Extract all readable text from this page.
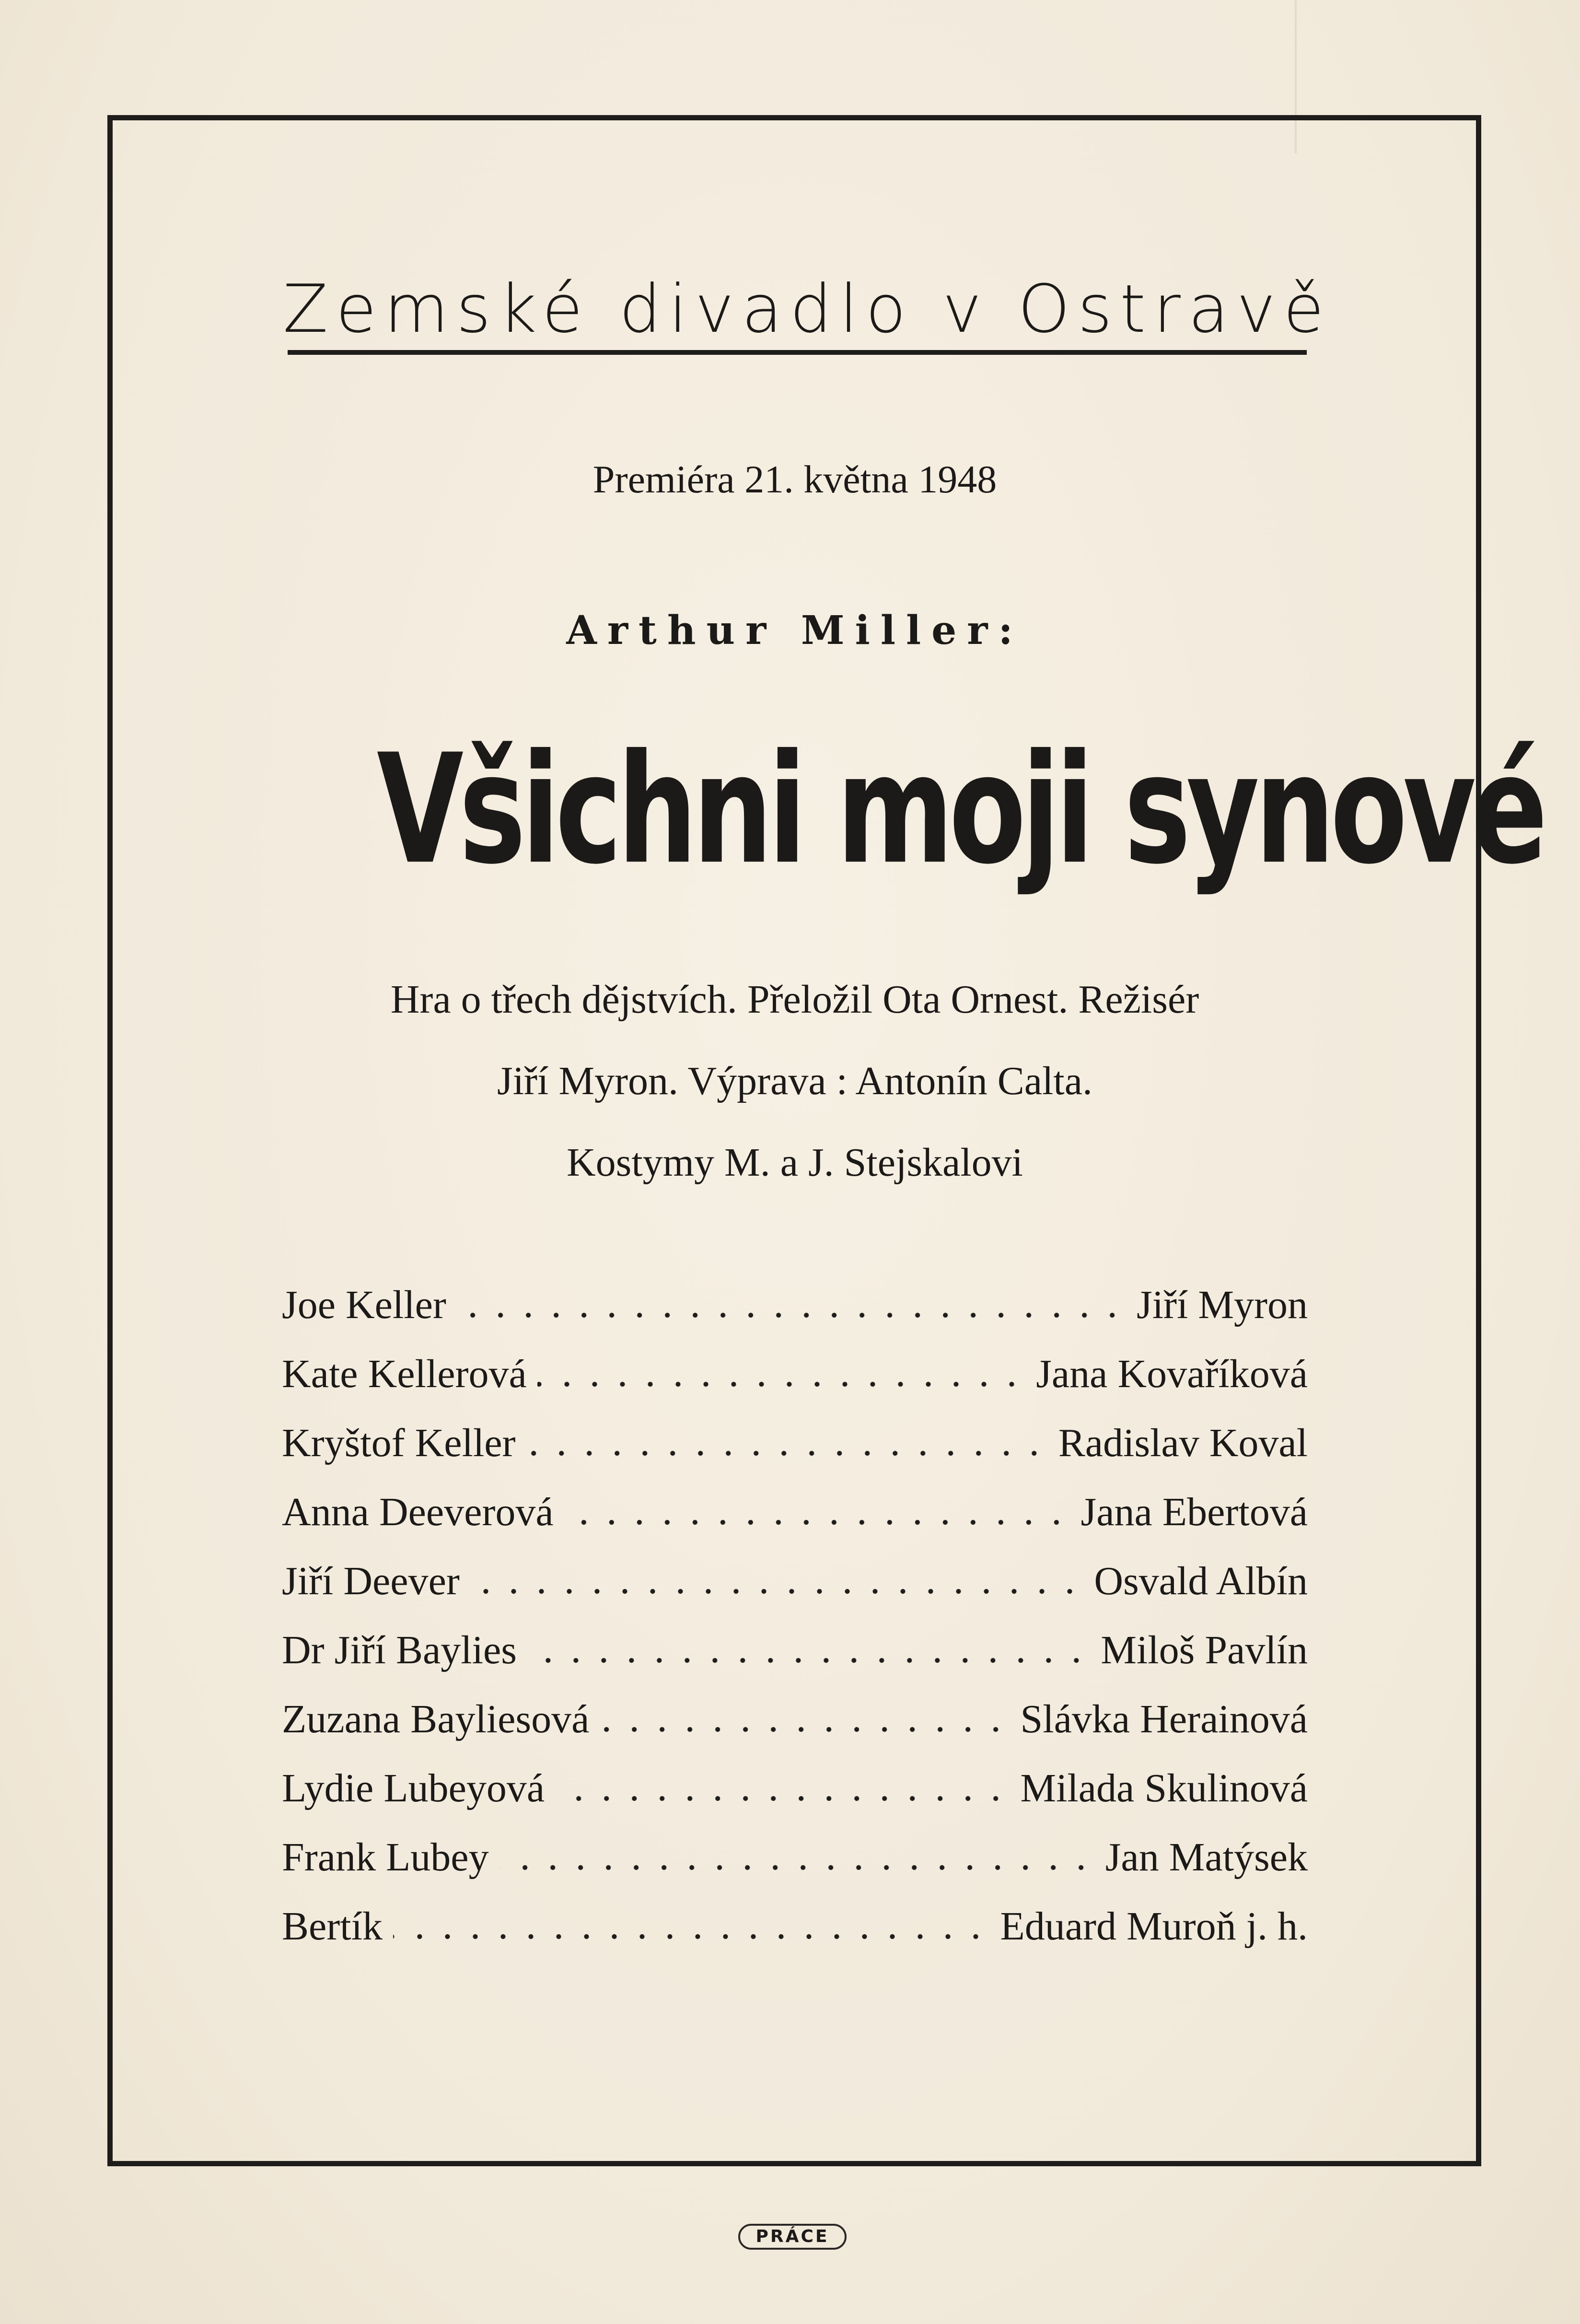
Zemské divadlo v Ostravě
Premiéra 21. května 1948
Arthur Miller:
Všichni moji synové
Hra o třech dějstvích. Přeložil Ota Ornest. Režisér
Jiří Myron. Výprava : Antonín Calta.
Kostymy M. a J. Stejskalovi
Joe Keller	Jiří Myron
Kate Kellerová	Jana Kovaříková
Kryštof Keller	Radislav Koval
Anna Deeverová	Jana Ebertová
Jiří Deever	Osvald Albín
Dr Jiří Baylies	Miloš Pavlín
Zuzana Bayliesová	Slávka Herainová
Lydie Lubeyová	Milada Skulinová
Frank Lubey	Jan Matýsek
Bertík	Eduard Muroň j. h.
PRÁCE
